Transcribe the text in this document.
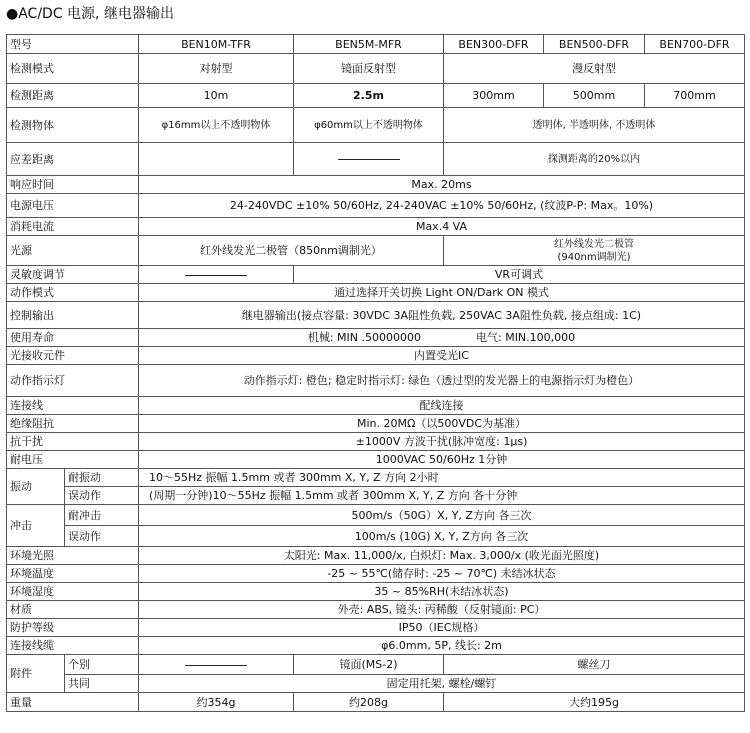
●AC/DC 电源, 继电器输出
型号		BEN10M-TFR	BEN5M-MFR	BEN300-DFR	BEN500-DFR	BEN700-DFR
检测模式		对射型	镜面反射型	漫反射型		
检测距离		10m	2.5m	300mm	500mm	700mm
检测物体		φ16mm以上不透明物体	φ60mm以上不透明物体	透明体, 半透明体, 不透明体		
应差距离				探测距离的20%以内		
响应时间		Max. 20ms				
电源电压		24-240VDC ±10% 50/60Hz, 24-240VAC ±10% 50/60Hz, (纹波P-P: Max。10%)				
消耗电流		Max.4 VA				
光源		红外线发光二极管（850nm调制光）		红外线发光二极管
(940nm调制光)		

灵敏度调节			VR可调式			
动作模式		通过选择开关切换 Light ON/Dark ON 模式				
控制输出		继电器输出(接点容量: 30VDC 3A阻性负载, 250VAC 3A阻性负载, 接点组成: 1C)				
使用寿命		机械: MIN .50000000 电气: MIN.100,000				
光接收元件		内置受光IC				
动作指示灯		动作指示灯: 橙色; 稳定时指示灯: 绿色（透过型的发光器上的电源指示灯为橙色）				
连接线		配线连接				
绝缘阻抗		Min. 20MΩ（以500VDC为基准）				
抗干扰		±1000V 方波干扰(脉冲宽度: 1μs)				
耐电压		1000VAC 50/60Hz 1分钟				
振动	耐振动	10～55Hz 振幅 1.5mm 或者 300mm X, Y, Z 方向 2小时				
	误动作	(周期一分钟)10～55Hz 振幅 1.5mm 或者 300mm X, Y, Z 方向 各十分钟				
冲击	耐冲击	500m/s（50G）X, Y, Z方向 各三次				
	误动作	100m/s (10G) X, Y, Z方向 各三次				
环境光照		太阳光: Max. 11,000/x, 白炽灯: Max. 3,000/x (收光面光照度)				
环境温度		-25 ~ 55℃(储存时: -25 ~ 70℃) 未结冰状态				
环境湿度		35 ~ 85%RH(未结冰状态)				
材质		外壳: ABS, 镜头: 丙稀酸（反射镜面: PC）				
防护等级		IP50（IEC规格）				
连接线缆		φ6.0mm, 5P, 线长: 2m				
附件	个别		镜面(MS-2)	螺丝刀		
	共同	固定用托架, 螺栓/螺钉				
重量		约354g	约208g	大约195g		
